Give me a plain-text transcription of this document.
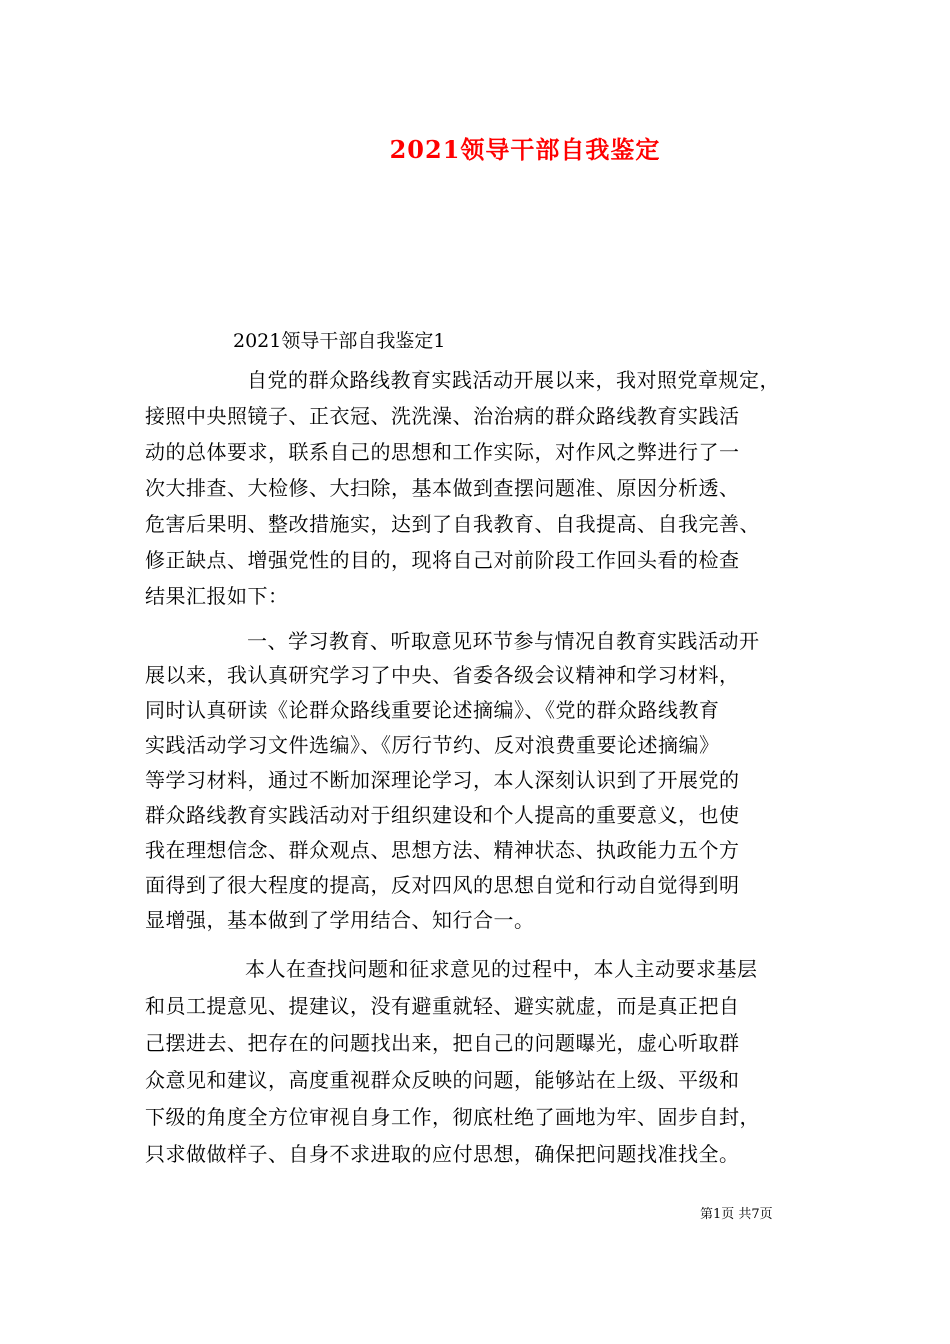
2021领导干部自我鉴定
2021领导干部自我鉴定1
自党的群众路线教育实践活动开展以来，我对照党章规定，
接照中央照镜子、正衣冠、洗洗澡、治治病的群众路线教育实践活
动的总体要求，联系自己的思想和工作实际，对作风之弊进行了一
次大排查、大检修、大扫除，基本做到查摆问题准、原因分析透、
危害后果明、整改措施实，达到了自我教育、自我提高、自我完善、
修正缺点、增强党性的目的，现将自己对前阶段工作回头看的检查
结果汇报如下：
一、学习教育、听取意见环节参与情况自教育实践活动开
展以来，我认真研究学习了中央、省委各级会议精神和学习材料，
同时认真研读《论群众路线重要论述摘编》、《党的群众路线教育
实践活动学习文件选编》、《厉行节约、反对浪费重要论述摘编》
等学习材料，通过不断加深理论学习，本人深刻认识到了开展党的
群众路线教育实践活动对于组织建设和个人提高的重要意义，也使
我在理想信念、群众观点、思想方法、精神状态、执政能力五个方
面得到了很大程度的提高，反对四风的思想自觉和行动自觉得到明
显增强，基本做到了学用结合、知行合一。
本人在查找问题和征求意见的过程中，本人主动要求基层
和员工提意见、提建议，没有避重就轻、避实就虚，而是真正把自
己摆进去、把存在的问题找出来，把自己的问题曝光，虚心听取群
众意见和建议，高度重视群众反映的问题，能够站在上级、平级和
下级的角度全方位审视自身工作，彻底杜绝了画地为牢、固步自封，
只求做做样子、自身不求进取的应付思想，确保把问题找准找全。
第1页 共7页
